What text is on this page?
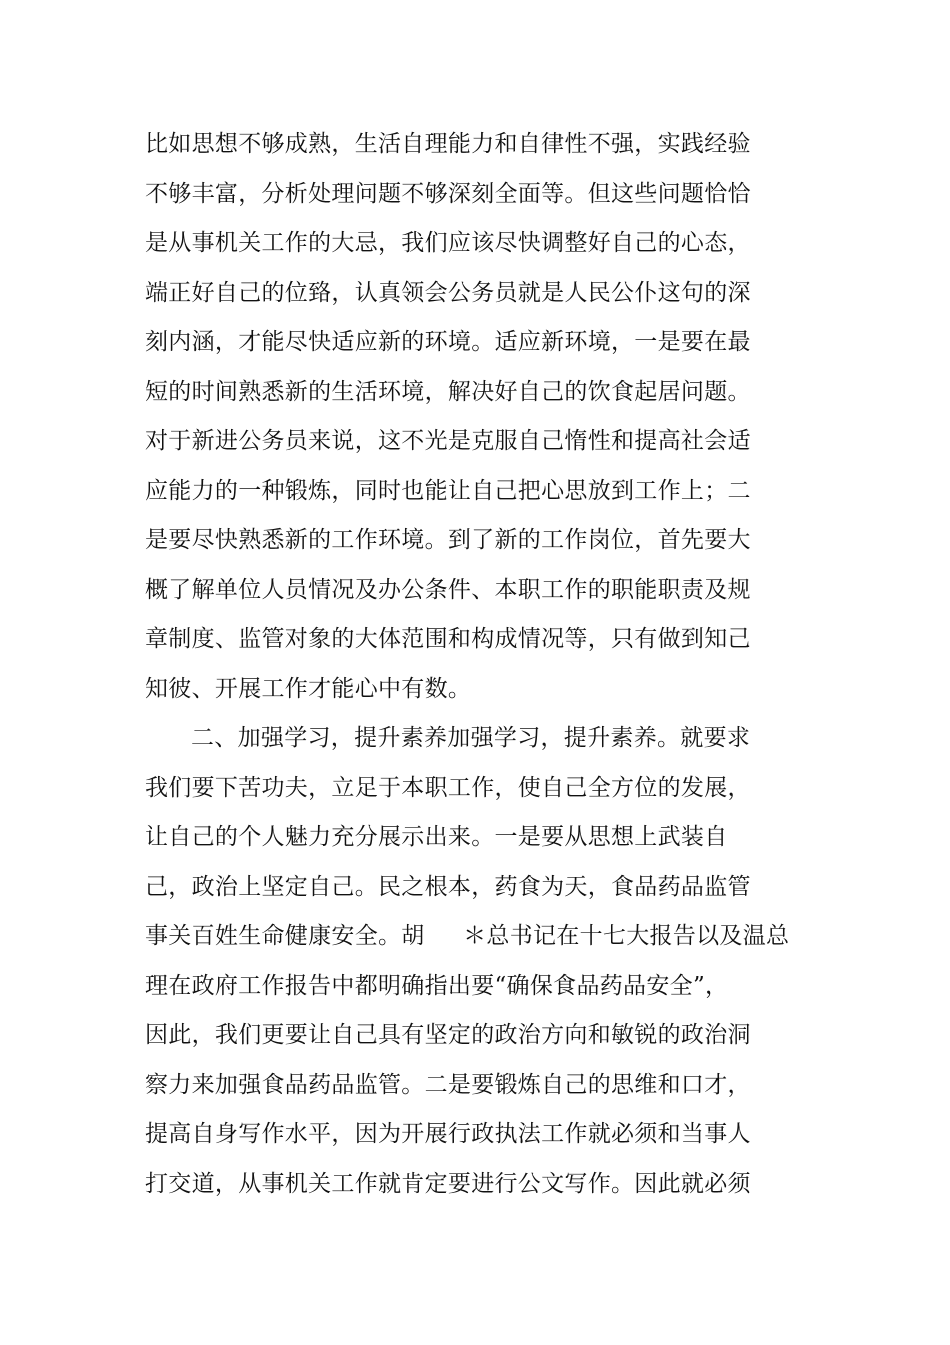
比如思想不够成熟，生活自理能力和自律性不强，实践经验
不够丰富，分析处理问题不够深刻全面等。但这些问题恰恰
是从事机关工作的大忌，我们应该尽快调整好自己的心态，
端正好自己的位臵，认真领会公务员就是人民公仆这句的深
刻内涵，才能尽快适应新的环境。适应新环境，一是要在最
短的时间熟悉新的生活环境，解决好自己的饮食起居问题。
对于新进公务员来说，这不光是克服自己惰性和提高社会适
应能力的一种锻炼，同时也能让自己把心思放到工作上；二
是要尽快熟悉新的工作环境。到了新的工作岗位，首先要大
概了解单位人员情况及办公条件、本职工作的职能职责及规
章制度、监管对象的大体范围和构成情况等，只有做到知己
知彼、开展工作才能心中有数。
二、加强学习，提升素养加强学习，提升素养。就要求
我们要下苦功夫，立足于本职工作，使自己全方位的发展，
让自己的个人魅力充分展示出来。一是要从思想上武装自
己，政治上坚定自己。民之根本，药食为天，食品药品监管
事关百姓生命健康安全。胡 　 ＊总书记在十七大报告以及温总
理在政府工作报告中都明确指出要“确保食品药品安全”，
因此，我们更要让自己具有坚定的政治方向和敏锐的政治洞
察力来加强食品药品监管。二是要锻炼自己的思维和口才，
提高自身写作水平，因为开展行政执法工作就必须和当事人
打交道，从事机关工作就肯定要进行公文写作。因此就必须
